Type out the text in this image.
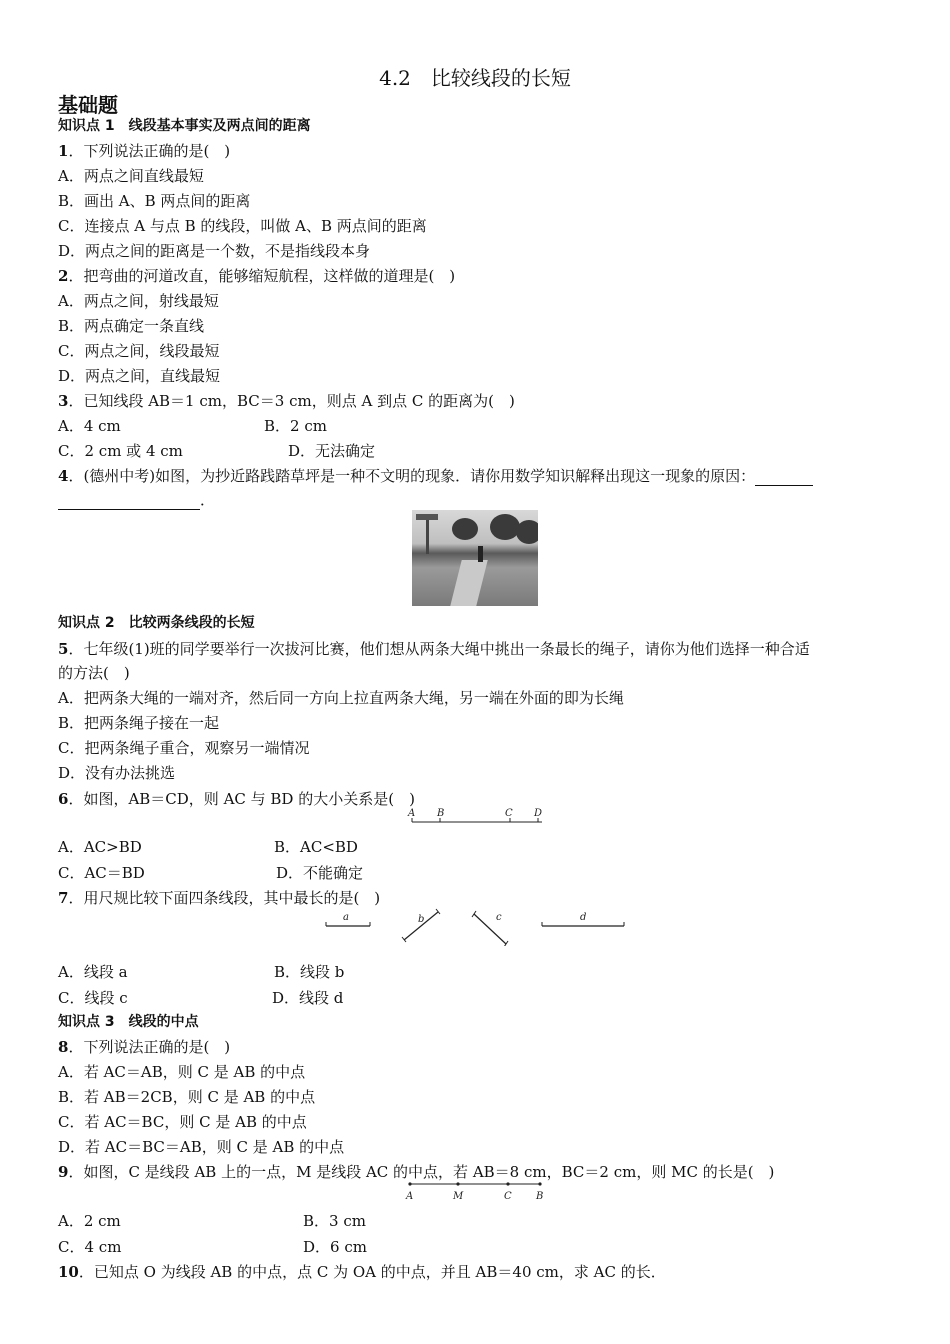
4.2　比较线段的长短
基础题
知识点 1　线段基本事实及两点间的距离
1．下列说法正确的是(　)
A．两点之间直线最短
B．画出 A、B 两点间的距离
C．连接点 A 与点 B 的线段，叫做 A、B 两点间的距离
D．两点之间的距离是一个数，不是指线段本身
2．把弯曲的河道改直，能够缩短航程，这样做的道理是(　)
A．两点之间，射线最短
B．两点确定一条直线
C．两点之间，线段最短
D．两点之间，直线最短
3．已知线段 AB＝1 cm，BC＝3 cm，则点 A 到点 C 的距离为(　)
A．4 cm	B．2 cm
C．2 cm 或 4 cm	D．无法确定
4．(德州中考)如图，为抄近路践踏草坪是一种不文明的现象．请你用数学知识解释出现这一现象的原因：
．
知识点 2　比较两条线段的长短
5．七年级(1)班的同学要举行一次拔河比赛，他们想从两条大绳中挑出一条最长的绳子，请你为他们选择一种合适
的方法(　)
A．把两条大绳的一端对齐，然后同一方向上拉直两条大绳，另一端在外面的即为长绳
B．把两条绳子接在一起
C．把两条绳子重合，观察另一端情况
D．没有办法挑选
6．如图，AB＝CD，则 AC 与 BD 的大小关系是(　)
A B	C D
A．AC>BD	B．AC<BD
C．AC＝BD	D．不能确定
7．用尺规比较下面四条线段，其中最长的是(　)
a	b	c	d
A．线段 a	B．线段 b
C．线段 c	D．线段 d
知识点 3　线段的中点
8．下列说法正确的是(　)
A．若 AC＝AB，则 C 是 AB 的中点
B．若 AB＝2CB，则 C 是 AB 的中点
C．若 AC＝BC，则 C 是 AB 的中点
D．若 AC＝BC＝AB，则 C 是 AB 的中点
9．如图，C 是线段 AB 上的一点，M 是线段 AC 的中点，若 AB＝8 cm，BC＝2 cm，则 MC 的长是(　)
A	M	C B
A．2 cm	B．3 cm
C．4 cm	D．6 cm
10．已知点 O 为线段 AB 的中点，点 C 为 OA 的中点，并且 AB＝40 cm，求 AC 的长．
